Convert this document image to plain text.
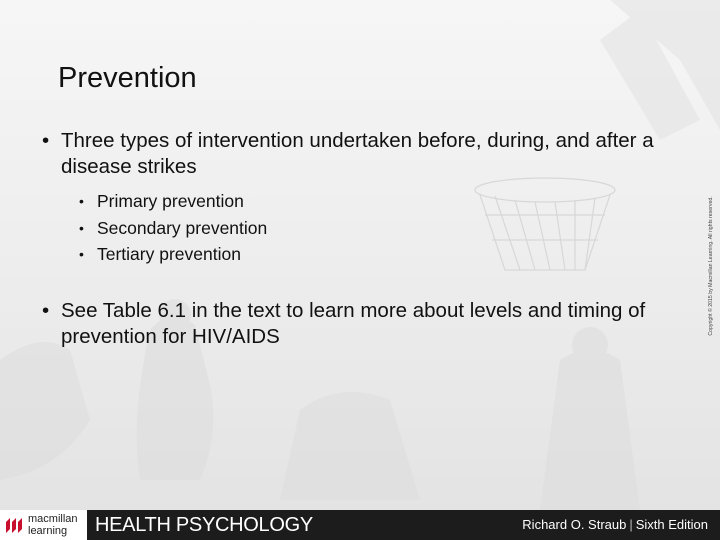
Prevention

• Three types of intervention undertaken before, during, and after a disease strikes

• Primary prevention
• Secondary prevention
• Tertiary prevention

• See Table 6.1 in the text to learn more about levels and timing of prevention for HIV/AIDS

Copyright © 2015 by Macmillan Learning. All rights reserved.
macmillan
learning	HEALTH PSYCHOLOGY	Richard O. Straub | Sixth Edition
